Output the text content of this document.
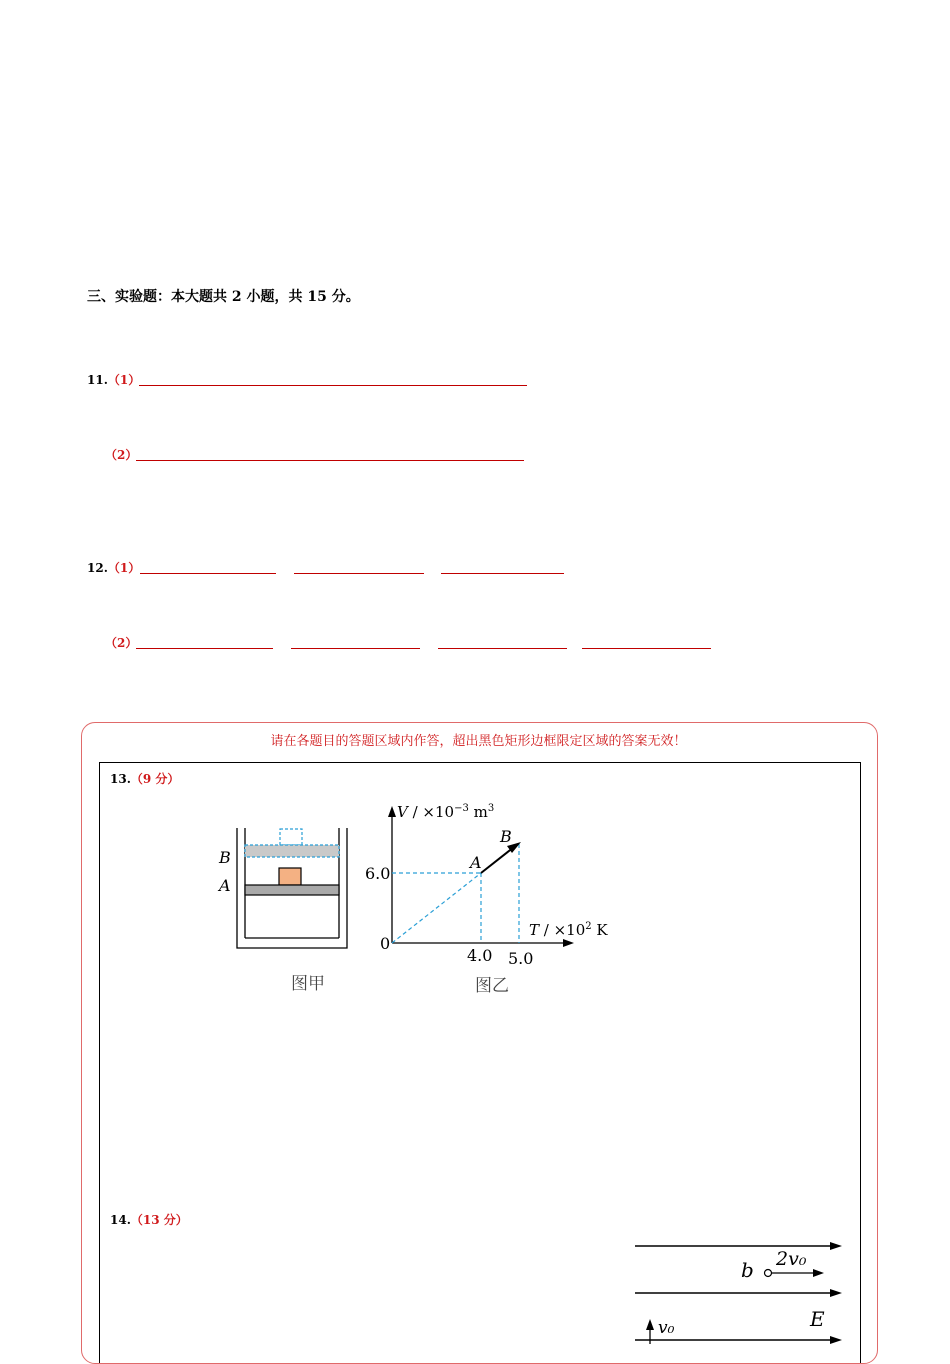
三、实验题：本大题共 2 小题，共 15 分。
11.（1）
（2）
12.（1）
（2）
请在各题目的答题区域内作答，超出黑色矩形边框限定区域的答案无效！
13.（9 分）
B
A
图甲
$V / \times 10^{-3}$ $m^3$
$T / \times 10^2$ K
6.0
0
4.0 5.0
A
B
图乙
14.（13 分）
b 2v₀
v₀	E
